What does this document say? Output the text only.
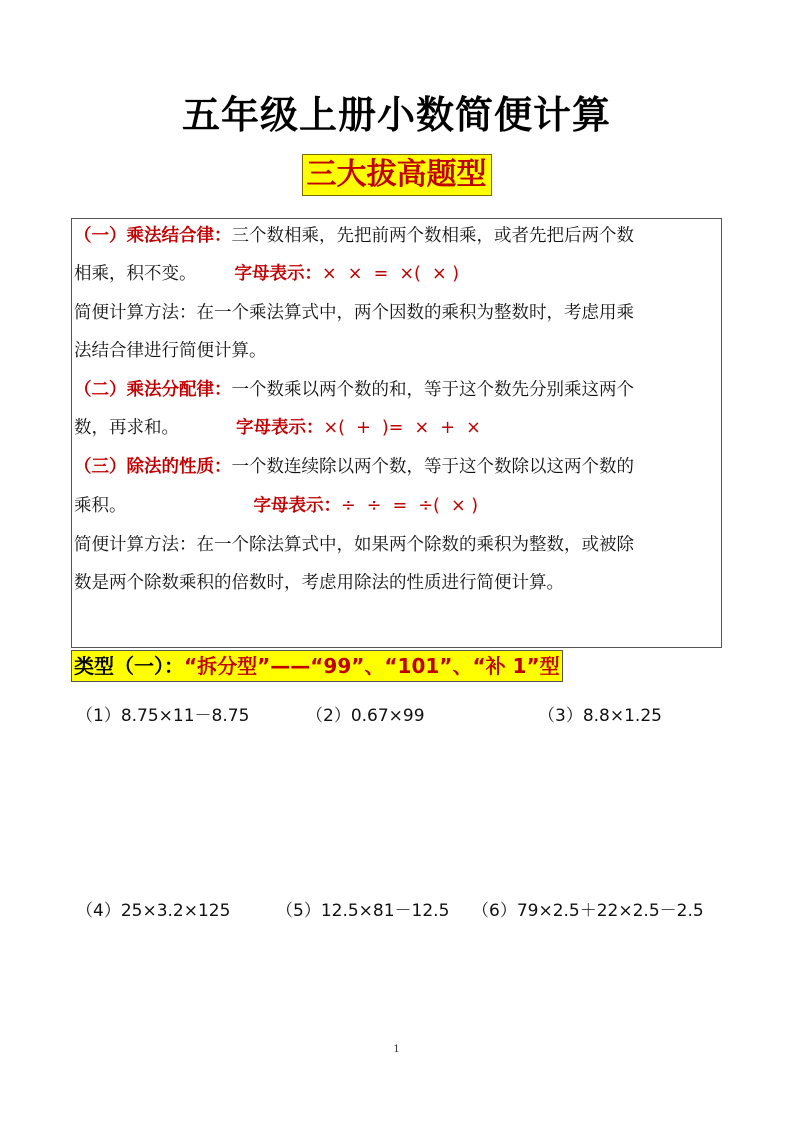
五年级上册小数简便计算
三大拔高题型
（一）乘法结合律：三个数相乘，先把前两个数相乘，或者先把后两个数
相乘，积不变。 字母表示：×  ×  =  ×(  × )
简便计算方法：在一个乘法算式中，两个因数的乘积为整数时，考虑用乘
法结合律进行简便计算。
（二）乘法分配律：一个数乘以两个数的和，等于这个数先分别乘这两个
数，再求和。	字母表示：×(  +  )=  ×  +  ×
（三）除法的性质：一个数连续除以两个数，等于这个数除以这两个数的
乘积。	字母表示：÷  ÷  =  ÷(  × )
简便计算方法：在一个除法算式中，如果两个除数的乘积为整数，或被除
数是两个除数乘积的倍数时，考虑用除法的性质进行简便计算。
类型（一）：“拆分型”——“99”、“101”、“补 1”型
（1）8.75×11－8.75	（2）0.67×99	（3）8.8×1.25
（4）25×3.2×125	（5）12.5×81－12.5 （6）79×2.5＋22×2.5－2.5
1
